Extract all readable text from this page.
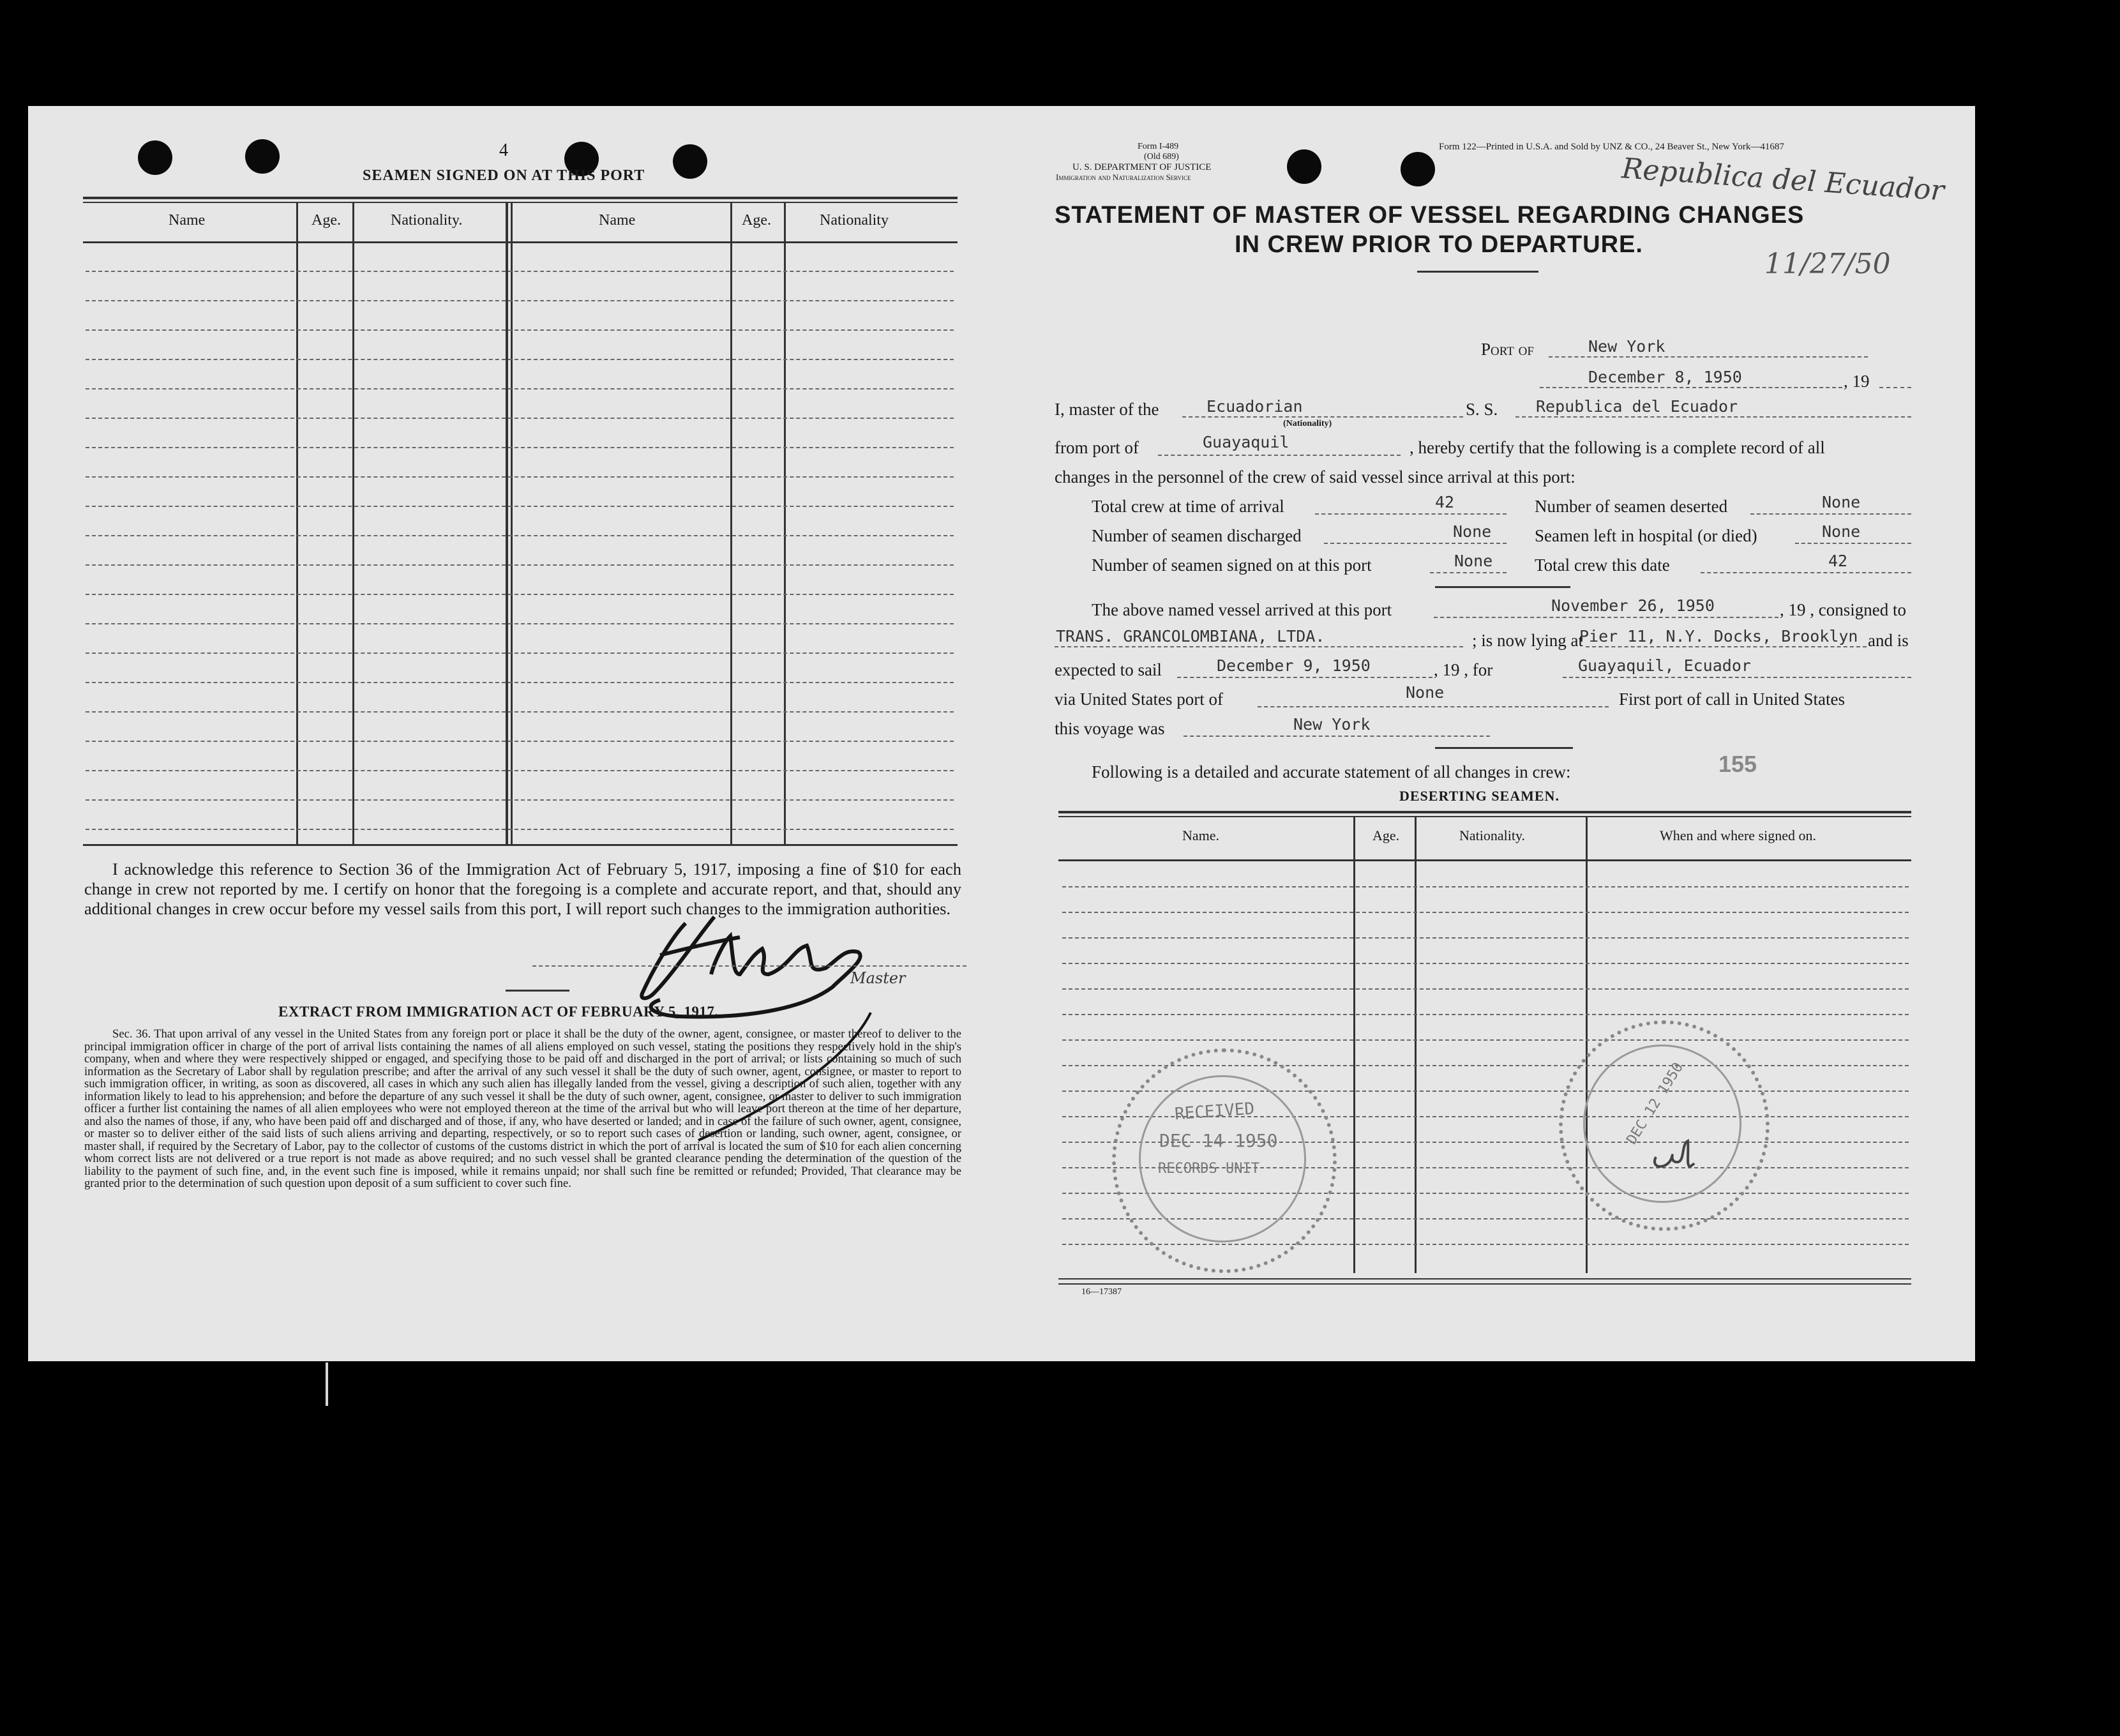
4
SEAMEN SIGNED ON AT THIS PORT
Name	Age.	Nationality.	Name	Age.	Nationality
I acknowledge this reference to Section 36 of the Immigration Act of February 5, 1917, imposing a fine of $10 for each change in crew not reported by me. I certify on honor that the foregoing is a complete and accurate report, and that, should any additional changes in crew occur before my vessel sails from this port, I will report such changes to the immigration authorities.
Master
EXTRACT FROM IMMIGRATION ACT OF FEBRUARY 5, 1917.
Sec. 36. That upon arrival of any vessel in the United States from any foreign port or place it shall be the duty of the owner, agent, consignee, or master thereof to deliver to the principal immigration officer in charge of the port of arrival lists containing the names of all aliens employed on such vessel, stating the positions they respectively hold in the ship's company, when and where they were respectively shipped or engaged, and specifying those to be paid off and discharged in the port of arrival; or lists containing so much of such information as the Secretary of Labor shall by regulation prescribe; and after the arrival of any such vessel it shall be the duty of such owner, agent, consignee, or master to report to such immigration officer, in writing, as soon as discovered, all cases in which any such alien has illegally landed from the vessel, giving a description of such alien, together with any information likely to lead to his apprehension; and before the departure of any such vessel it shall be the duty of such owner, agent, consignee, or master to deliver to such immigration officer a further list containing the names of all alien employees who were not employed thereon at the time of the arrival but who will leave port thereon at the time of her departure, and also the names of those, if any, who have been paid off and discharged and of those, if any, who have deserted or landed; and in case of the failure of such owner, agent, consignee, or master so to deliver either of the said lists of such aliens arriving and departing, respectively, or so to report such cases of desertion or landing, such owner, agent, consignee, or master shall, if required by the Secretary of Labor, pay to the collector of customs of the customs district in which the port of arrival is located the sum of $10 for each alien concerning whom correct lists are not delivered or a true report is not made as above required; and no such vessel shall be granted clearance pending the determination of the question of the liability to the payment of such fine, and, in the event such fine is imposed, while it remains unpaid; nor shall such fine be remitted or refunded; Provided, That clearance may be granted prior to the determination of such question upon deposit of a sum sufficient to cover such fine.
Form I-489
(Old 689)
U. S. DEPARTMENT OF JUSTICE
Immigration and Naturalization Service
Form 122—Printed in U.S.A. and Sold by UNZ & CO., 24 Beaver St., New York—41687
STATEMENT OF MASTER OF VESSEL REGARDING CHANGES
IN CREW PRIOR TO DEPARTURE.
Republica del Ecuador
11/27/50
Port of	New York
December 8, 1950	, 19
I, master of the	Ecuadorian
(Nationality)
S. S. Republica del Ecuador
from port of	Guayaquil	, hereby certify that the following is a complete record of all
changes in the personnel of the crew of said vessel since arrival at this port:
Total crew at time of arrival	42	Number of seamen deserted	None
Number of seamen discharged	None	Seamen left in hospital (or died)	None
Number of seamen signed on at this port	None Total crew this date	42
The above named vessel arrived at this port	November 26, 1950	, 19 , consigned to
TRANS. GRANCOLOMBIANA, LTDA.	; is now lying at
Pier 11, N.Y. Docks, Brooklyn and is
expected to sail	December 9, 1950	, 19 , for	Guayaquil, Ecuador
via United States port of	None	First port of call in United States
this voyage was	New York
Following is a detailed and accurate statement of all changes in crew:	155
DESERTING SEAMEN.
Name.	Age.	Nationality.	When and where signed on.
RECEIVED
DEC 14 1950
RECORDS UNIT
DEC 12 1950
16—17387
